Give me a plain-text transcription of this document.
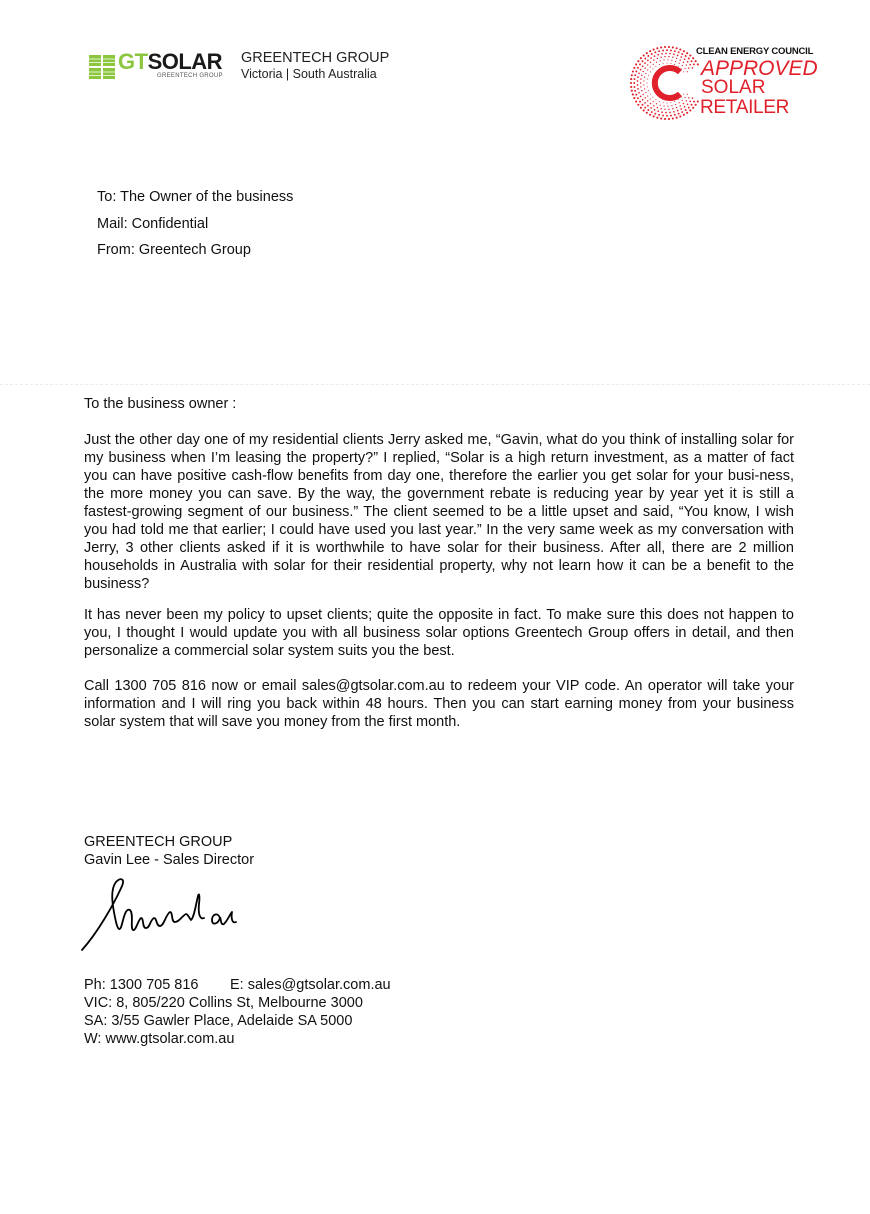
GTSOLAR
GREENTECH GROUP
GREENTECH GROUP
Victoria | South Australia
CLEAN ENERGY COUNCIL
APPROVED
SOLAR
RETAILER
To: The Owner of the business
Mail: Confidential
From: Greentech Group
To the business owner :
Just the other day one of my residential clients Jerry asked me, “Gavin, what do you think of installing solar for my business when I’m leasing the property?” I replied, “Solar is a high return investment, as a matter of fact you can have positive cash-flow benefits from day one, therefore the earlier you get solar for your busi-ness, the more money you can save. By the way, the government rebate is reducing year by year yet it is still a fastest-growing segment of our business.” The client seemed to be a little upset and said, “You know, I wish you had told me that earlier; I could have used you last year.” In the very same week as my conversation with Jerry, 3 other clients asked if it is worthwhile to have solar for their business. After all, there are 2 million households in Australia with solar for their residential property, why not learn how it can be a benefit to the business?
It has never been my policy to upset clients; quite the opposite in fact. To make sure this does not happen to you, I thought I would update you with all business solar options Greentech Group offers in detail, and then personalize a commercial solar system suits you the best.
Call 1300 705 816 now or email sales@gtsolar.com.au to redeem your VIP code. An operator will take your information and I will ring you back within 48 hours. Then you can start earning money from your business solar system that will save you money from the first month.
GREENTECH GROUP
Gavin Lee - Sales Director
Ph: 1300 705 816 E: sales@gtsolar.com.au
VIC: 8, 805/220 Collins St, Melbourne 3000
SA: 3/55 Gawler Place, Adelaide SA 5000
W: www.gtsolar.com.au
